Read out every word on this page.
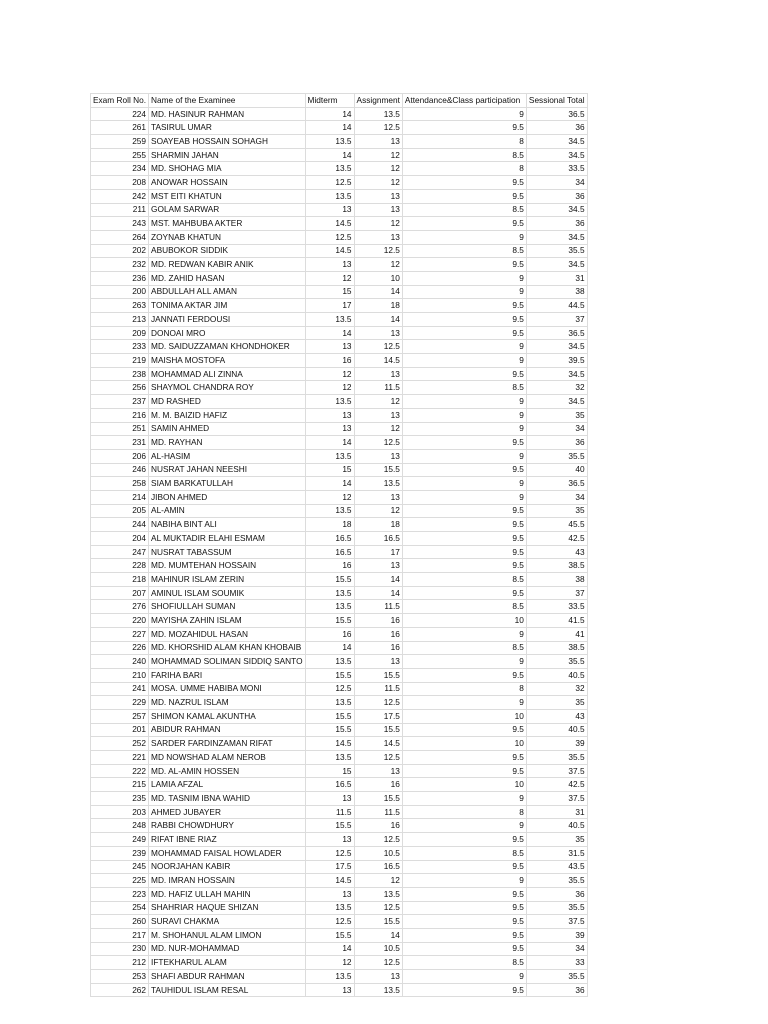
Exam Roll No.	Name of the Examinee	Midterm	Assignment	Attendance&Class participation	Sessional Total
224	MD. HASINUR RAHMAN	14	13.5	9	36.5
261	TASIRUL UMAR	14	12.5	9.5	36
259	SOAYEAB HOSSAIN SOHAGH	13.5	13	8	34.5
255	SHARMIN JAHAN	14	12	8.5	34.5
234	MD. SHOHAG MIA	13.5	12	8	33.5
208	ANOWAR HOSSAIN	12.5	12	9.5	34
242	MST EITI KHATUN	13.5	13	9.5	36
211	GOLAM SARWAR	13	13	8.5	34.5
243	MST. MAHBUBA AKTER	14.5	12	9.5	36
264	ZOYNAB KHATUN	12.5	13	9	34.5
202	ABUBOKOR SIDDIK	14.5	12.5	8.5	35.5
232	MD. REDWAN KABIR ANIK	13	12	9.5	34.5
236	MD. ZAHID HASAN	12	10	9	31
200	ABDULLAH ALL AMAN	15	14	9	38
263	TONIMA AKTAR JIM	17	18	9.5	44.5
213	JANNATI FERDOUSI	13.5	14	9.5	37
209	DONOAI MRO	14	13	9.5	36.5
233	MD. SAIDUZZAMAN KHONDHOKER	13	12.5	9	34.5
219	MAISHA MOSTOFA	16	14.5	9	39.5
238	MOHAMMAD ALI ZINNA	12	13	9.5	34.5
256	SHAYMOL CHANDRA ROY	12	11.5	8.5	32
237	MD RASHED	13.5	12	9	34.5
216	M. M. BAIZID HAFIZ	13	13	9	35
251	SAMIN AHMED	13	12	9	34
231	MD. RAYHAN	14	12.5	9.5	36
206	AL-HASIM	13.5	13	9	35.5
246	NUSRAT JAHAN NEESHI	15	15.5	9.5	40
258	SIAM BARKATULLAH	14	13.5	9	36.5
214	JIBON AHMED	12	13	9	34
205	AL-AMIN	13.5	12	9.5	35
244	NABIHA BINT ALI	18	18	9.5	45.5
204	AL MUKTADIR ELAHI ESMAM	16.5	16.5	9.5	42.5
247	NUSRAT TABASSUM	16.5	17	9.5	43
228	MD. MUMTEHAN HOSSAIN	16	13	9.5	38.5
218	MAHINUR ISLAM ZERIN	15.5	14	8.5	38
207	AMINUL ISLAM SOUMIK	13.5	14	9.5	37
276	SHOFIULLAH SUMAN	13.5	11.5	8.5	33.5
220	MAYISHA ZAHIN ISLAM	15.5	16	10	41.5
227	MD. MOZAHIDUL HASAN	16	16	9	41
226	MD. KHORSHID ALAM KHAN KHOBAIB	14	16	8.5	38.5
240	MOHAMMAD SOLIMAN SIDDIQ SANTO	13.5	13	9	35.5
210	FARIHA BARI	15.5	15.5	9.5	40.5
241	MOSA. UMME HABIBA MONI	12.5	11.5	8	32
229	MD. NAZRUL ISLAM	13.5	12.5	9	35
257	SHIMON KAMAL AKUNTHA	15.5	17.5	10	43
201	ABIDUR RAHMAN	15.5	15.5	9.5	40.5
252	SARDER FARDINZAMAN RIFAT	14.5	14.5	10	39
221	MD NOWSHAD ALAM NEROB	13.5	12.5	9.5	35.5
222	MD. AL-AMIN HOSSEN	15	13	9.5	37.5
215	LAMIA AFZAL	16.5	16	10	42.5
235	MD. TASNIM IBNA WAHID	13	15.5	9	37.5
203	AHMED JUBAYER	11.5	11.5	8	31
248	RABBI CHOWDHURY	15.5	16	9	40.5
249	RIFAT IBNE RIAZ	13	12.5	9.5	35
239	MOHAMMAD FAISAL HOWLADER	12.5	10.5	8.5	31.5
245	NOORJAHAN KABIR	17.5	16.5	9.5	43.5
225	MD. IMRAN HOSSAIN	14.5	12	9	35.5
223	MD. HAFIZ ULLAH MAHIN	13	13.5	9.5	36
254	SHAHRIAR HAQUE SHIZAN	13.5	12.5	9.5	35.5
260	SURAVI CHAKMA	12.5	15.5	9.5	37.5
217	M. SHOHANUL ALAM LIMON	15.5	14	9.5	39
230	MD. NUR-MOHAMMAD	14	10.5	9.5	34
212	IFTEKHARUL ALAM	12	12.5	8.5	33
253	SHAFI ABDUR RAHMAN	13.5	13	9	35.5
262	TAUHIDUL ISLAM RESAL	13	13.5	9.5	36
